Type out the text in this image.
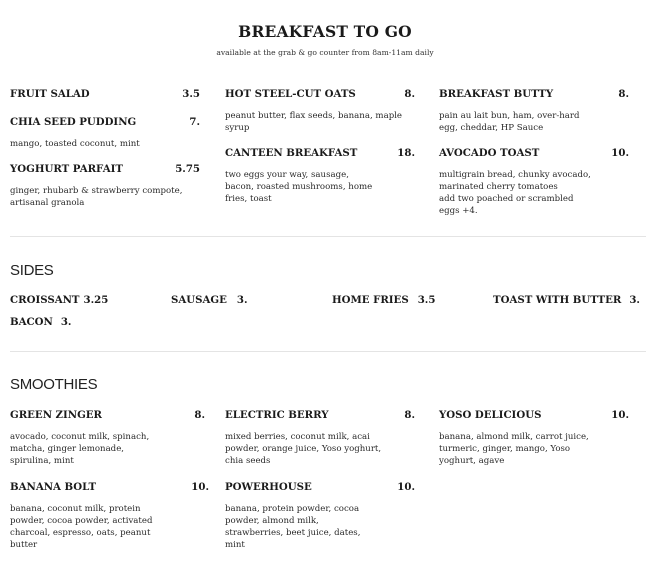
BREAKFAST TO GO
available at the grab & go counter from 8am-11am daily
FRUIT SALAD	3.5
CHIA SEED PUDDING	7.
mango, toasted coconut, mint
YOGHURT PARFAIT	5.75
ginger, rhubarb & strawberry compote, artisanal granola
HOT STEEL-CUT OATS	8.
peanut butter, flax seeds, banana, maple syrup
CANTEEN BREAKFAST	18.
two eggs your way, sausage, bacon, roasted mushrooms, home fries, toast
BREAKFAST BUTTY	8.
pain au lait bun, ham, over-hard egg, cheddar, HP Sauce
AVOCADO TOAST	10.
multigrain bread, chunky avocado, marinated cherry tomatoes
add two poached or scrambled eggs +4.
SIDES
CROISSANT 3.25	SAUSAGE 3.	HOME FRIES 3.5	TOAST WITH BUTTER 3.
BACON 3.
SMOOTHIES
GREEN ZINGER	8.
avocado, coconut milk, spinach, matcha, ginger lemonade, spirulina, mint
ELECTRIC BERRY	8.
mixed berries, coconut milk, acai powder, orange juice, Yoso yoghurt, chia seeds
YOSO DELICIOUS	10.
banana, almond milk, carrot juice, turmeric, ginger, mango, Yoso yoghurt, agave
BANANA BOLT	10.
banana, coconut milk, protein powder, cocoa powder, activated charcoal, espresso, oats, peanut butter
POWERHOUSE	10.
banana, protein powder, cocoa powder, almond milk, strawberries, beet juice, dates, mint
